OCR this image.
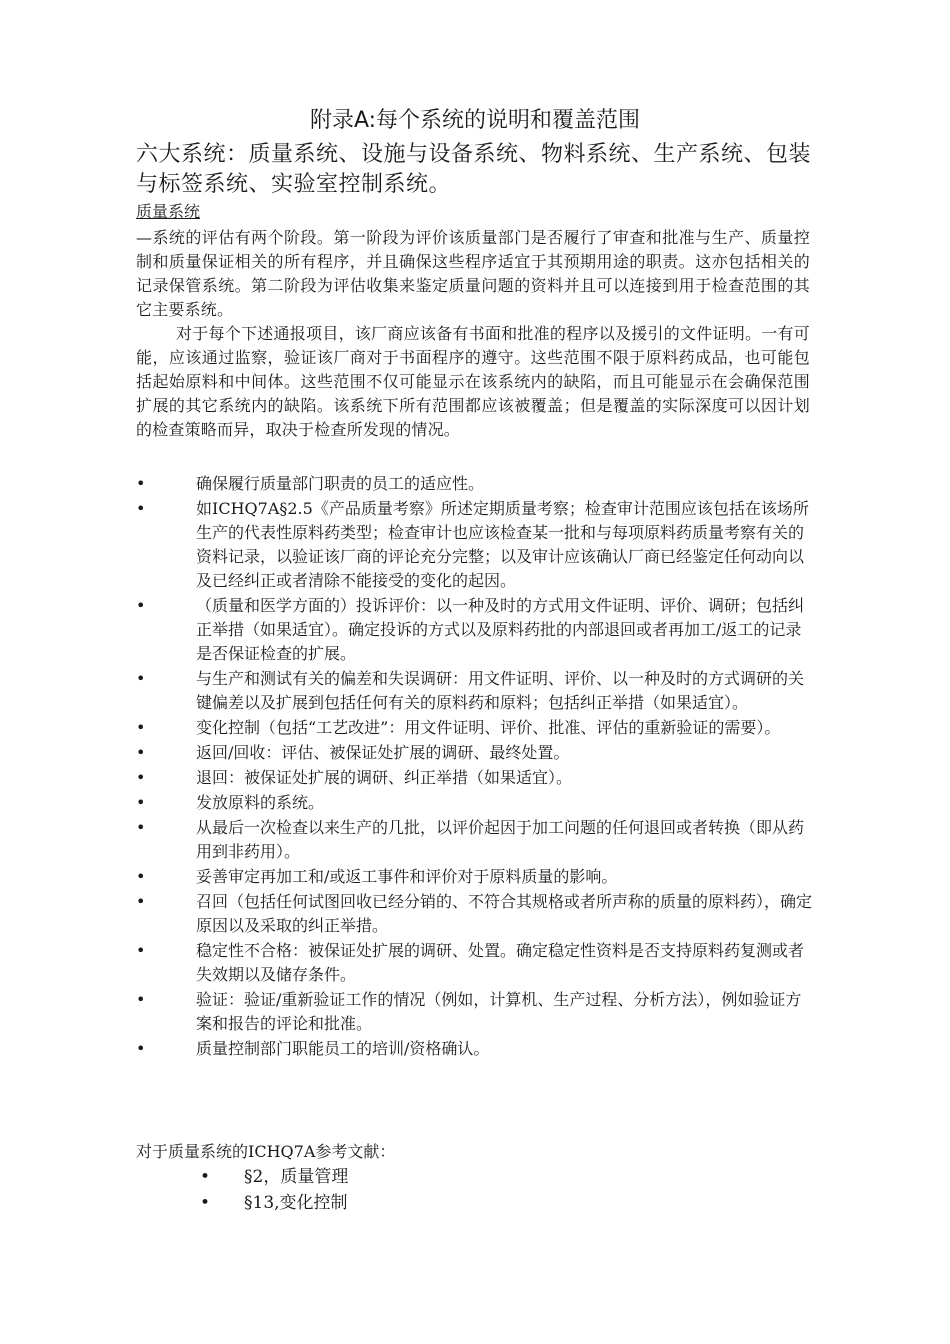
附录A:每个系统的说明和覆盖范围
六大系统：质量系统、设施与设备系统、物料系统、生产系统、包装与标签系统、实验室控制系统。
质量系统
—系统的评估有两个阶段。第一阶段为评价该质量部门是否履行了审查和批准与生产、质量控制和质量保证相关的所有程序，并且确保这些程序适宜于其预期用途的职责。这亦包括相关的记录保管系统。第二阶段为评估收集来鉴定质量问题的资料并且可以连接到用于检查范围的其它主要系统。
对于每个下述通报项目，该厂商应该备有书面和批准的程序以及援引的文件证明。一有可能，应该通过监察，验证该厂商对于书面程序的遵守。这些范围不限于原料药成品，也可能包括起始原料和中间体。这些范围不仅可能显示在该系统内的缺陷，而且可能显示在会确保范围扩展的其它系统内的缺陷。该系统下所有范围都应该被覆盖；但是覆盖的实际深度可以因计划的检查策略而异，取决于检查所发现的情况。
•	确保履行质量部门职责的员工的适应性。
•	如ICHQ7A§2.5《产品质量考察》所述定期质量考察；检查审计范围应该包括在该场所生产的代表性原料药类型；检查审计也应该检查某一批和与每项原料药质量考察有关的资料记录，以验证该厂商的评论充分完整；以及审计应该确认厂商已经鉴定任何动向以及已经纠正或者清除不能接受的变化的起因。
•	（质量和医学方面的）投诉评价：以一种及时的方式用文件证明、评价、调研；包括纠正举措（如果适宜）。确定投诉的方式以及原料药批的内部退回或者再加工/返工的记录是否保证检查的扩展。
•	与生产和测试有关的偏差和失误调研：用文件证明、评价、以一种及时的方式调研的关键偏差以及扩展到包括任何有关的原料药和原料；包括纠正举措（如果适宜）。
•	变化控制（包括“工艺改进”：用文件证明、评价、批准、评估的重新验证的需要）。
•	返回/回收：评估、被保证处扩展的调研、最终处置。
•	退回：被保证处扩展的调研、纠正举措（如果适宜）。
•	发放原料的系统。
•	从最后一次检查以来生产的几批，以评价起因于加工问题的任何退回或者转换（即从药用到非药用）。
•	妥善审定再加工和/或返工事件和评价对于原料质量的影响。
•	召回（包括任何试图回收已经分销的、不符合其规格或者所声称的质量的原料药），确定原因以及采取的纠正举措。
•	稳定性不合格：被保证处扩展的调研、处置。确定稳定性资料是否支持原料药复测或者失效期以及储存条件。
•	验证：验证/重新验证工作的情况（例如，计算机、生产过程、分析方法），例如验证方案和报告的评论和批准。
•	质量控制部门职能员工的培训/资格确认。
对于质量系统的ICHQ7A参考文献：
• §2，质量管理
• §13,变化控制
